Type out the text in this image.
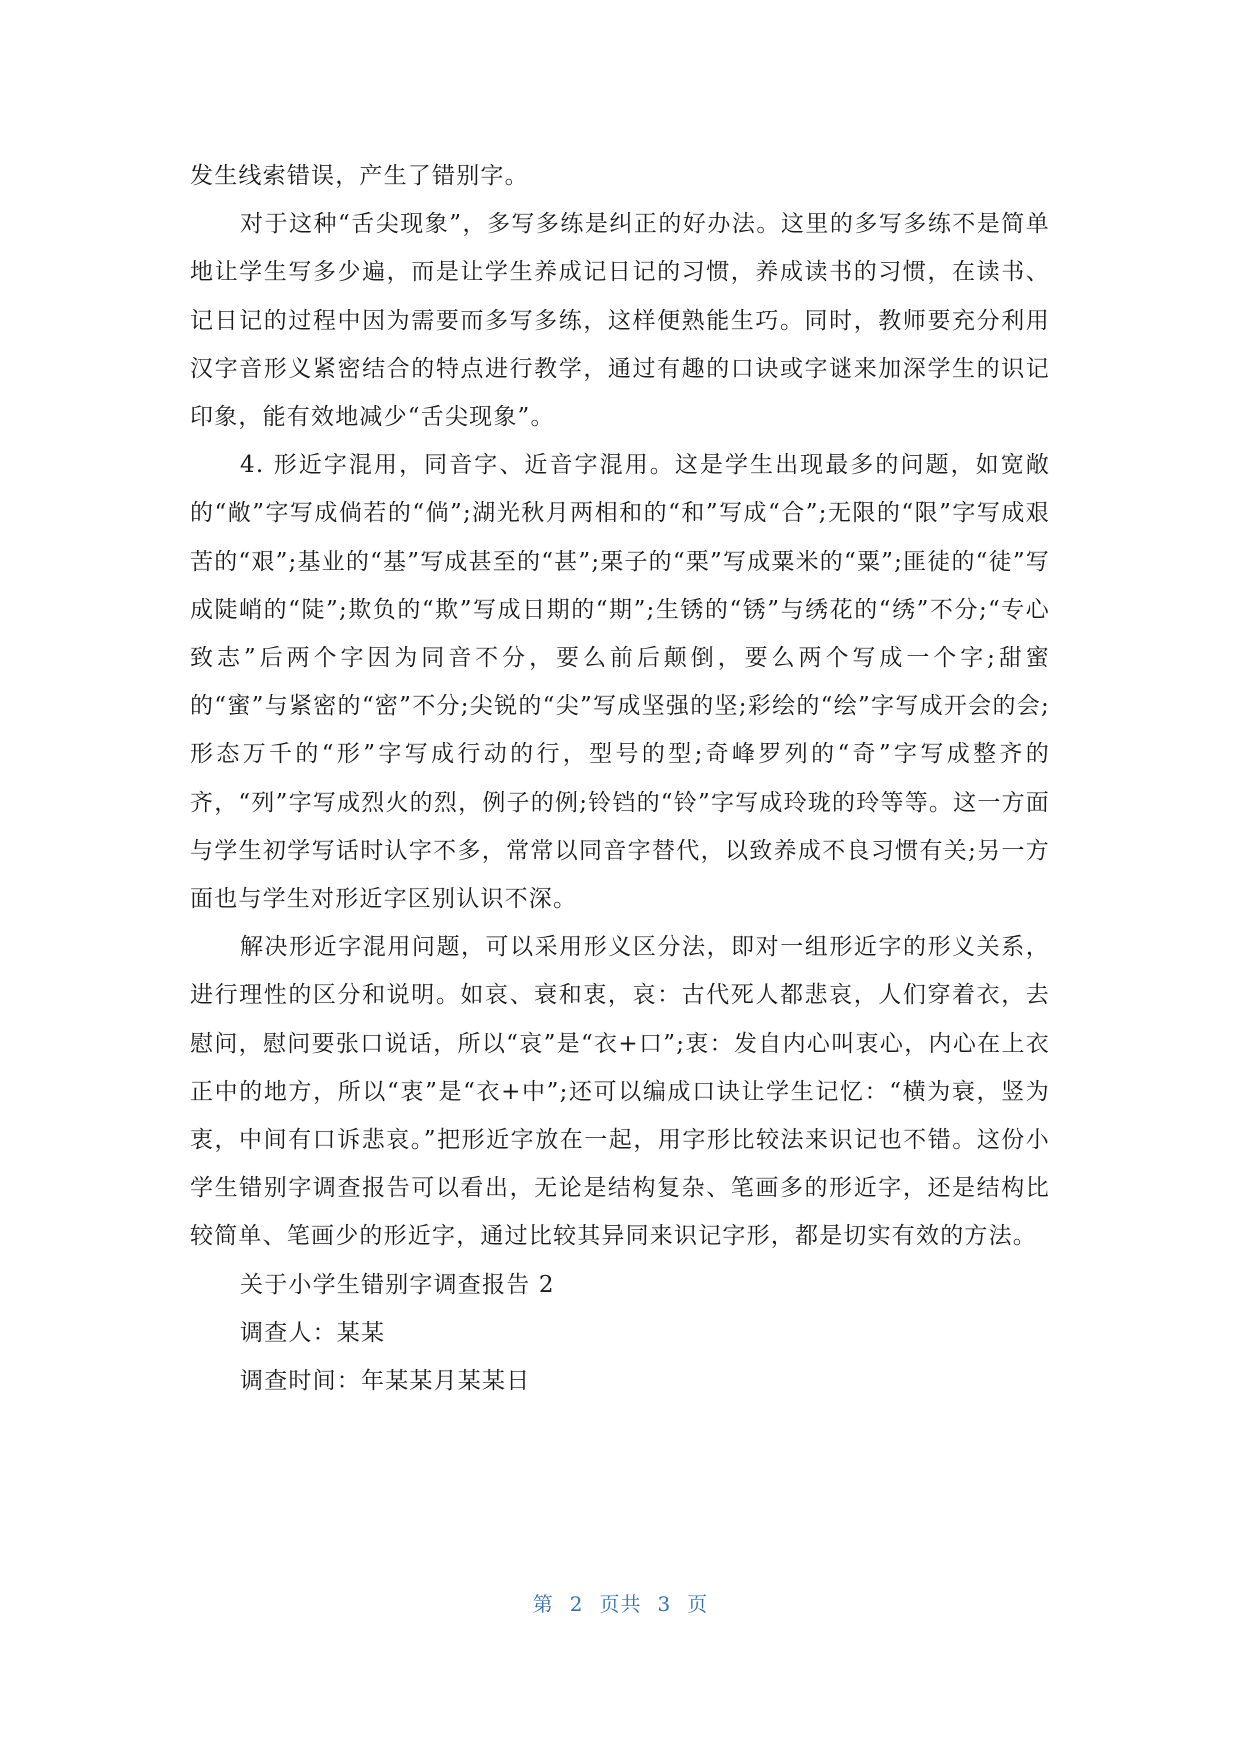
发生线索错误，产生了错别字。

对于这种“舌尖现象”，多写多练是纠正的好办法。这里的多写多练不是简单地让学生写多少遍，而是让学生养成记日记的习惯，养成读书的习惯，在读书、记日记的过程中因为需要而多写多练，这样便熟能生巧。同时，教师要充分利用汉字音形义紧密结合的特点进行教学，通过有趣的口诀或字谜来加深学生的识记印象，能有效地减少“舌尖现象”。

4. 形近字混用，同音字、近音字混用。这是学生出现最多的问题，如宽敞的“敞”字写成倘若的“倘”;湖光秋月两相和的“和”写成“合”;无限的“限”字写成艰苦的“艰”;基业的“基”写成甚至的“甚”;栗子的“栗”写成粟米的“粟”;匪徒的“徒”写成陡峭的“陡”;欺负的“欺”写成日期的“期”;生锈的“锈”与绣花的“绣”不分;“专心致志”后两个字因为同音不分，要么前后颠倒，要么两个写成一个字;甜蜜的“蜜”与紧密的“密”不分;尖锐的“尖”写成坚强的坚;彩绘的“绘”字写成开会的会;形态万千的“形”字写成行动的行，型号的型;奇峰罗列的“奇”字写成整齐的齐，“列”字写成烈火的烈，例子的例;铃铛的“铃”字写成玲珑的玲等等。这一方面与学生初学写话时认字不多，常常以同音字替代，以致养成不良习惯有关;另一方面也与学生对形近字区别认识不深。

解决形近字混用问题，可以采用形义区分法，即对一组形近字的形义关系，进行理性的区分和说明。如哀、衰和衷，哀：古代死人都悲哀，人们穿着衣，去慰问，慰问要张口说话，所以“哀”是“衣+口”;衷：发自内心叫衷心，内心在上衣正中的地方，所以“衷”是“衣+中”;还可以编成口诀让学生记忆：“横为衰，竖为衷，中间有口诉悲哀。”把形近字放在一起，用字形比较法来识记也不错。这份小学生错别字调查报告可以看出，无论是结构复杂、笔画多的形近字，还是结构比较简单、笔画少的形近字，通过比较其异同来识记字形，都是切实有效的方法。

关于小学生错别字调查报告 2

调查人：某某

调查时间：年某某月某某日

第 2 页共 3 页
